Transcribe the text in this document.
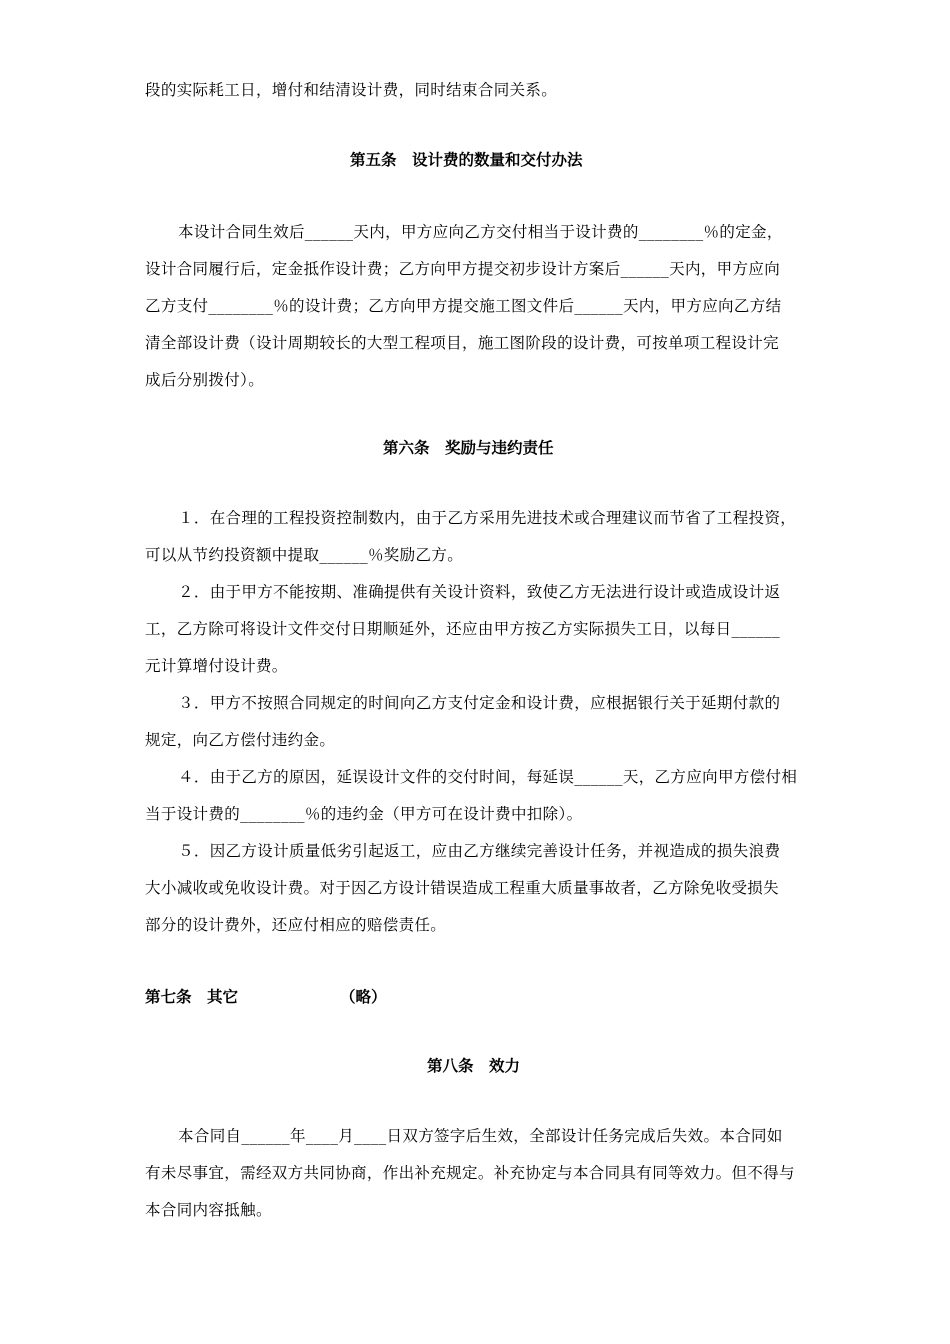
段的实际耗工日，增付和结清设计费，同时结束合同关系。
第五条　设计费的数量和交付办法
本设计合同生效后______天内，甲方应向乙方交付相当于设计费的________％的定金，
设计合同履行后，定金抵作设计费；乙方向甲方提交初步设计方案后______天内，甲方应向
乙方支付________％的设计费；乙方向甲方提交施工图文件后______天内，甲方应向乙方结
清全部设计费（设计周期较长的大型工程项目，施工图阶段的设计费，可按单项工程设计完
成后分别拨付）。
第六条　奖励与违约责任
１．在合理的工程投资控制数内，由于乙方采用先进技术或合理建议而节省了工程投资，
可以从节约投资额中提取______％奖励乙方。
２．由于甲方不能按期、准确提供有关设计资料，致使乙方无法进行设计或造成设计返
工，乙方除可将设计文件交付日期顺延外，还应由甲方按乙方实际损失工日，以每日______
元计算增付设计费。
３．甲方不按照合同规定的时间向乙方支付定金和设计费，应根据银行关于延期付款的
规定，向乙方偿付违约金。
４．由于乙方的原因，延误设计文件的交付时间，每延误______天，乙方应向甲方偿付相
当于设计费的________％的违约金（甲方可在设计费中扣除）。
５．因乙方设计质量低劣引起返工，应由乙方继续完善设计任务，并视造成的损失浪费
大小减收或免收设计费。对于因乙方设计错误造成工程重大质量事故者，乙方除免收受损失
部分的设计费外，还应付相应的赔偿责任。
第七条　其它	（略）
第八条　效力
本合同自______年____月____日双方签字后生效，全部设计任务完成后失效。本合同如
有未尽事宜，需经双方共同协商，作出补充规定。补充协定与本合同具有同等效力。但不得与
本合同内容抵触。
